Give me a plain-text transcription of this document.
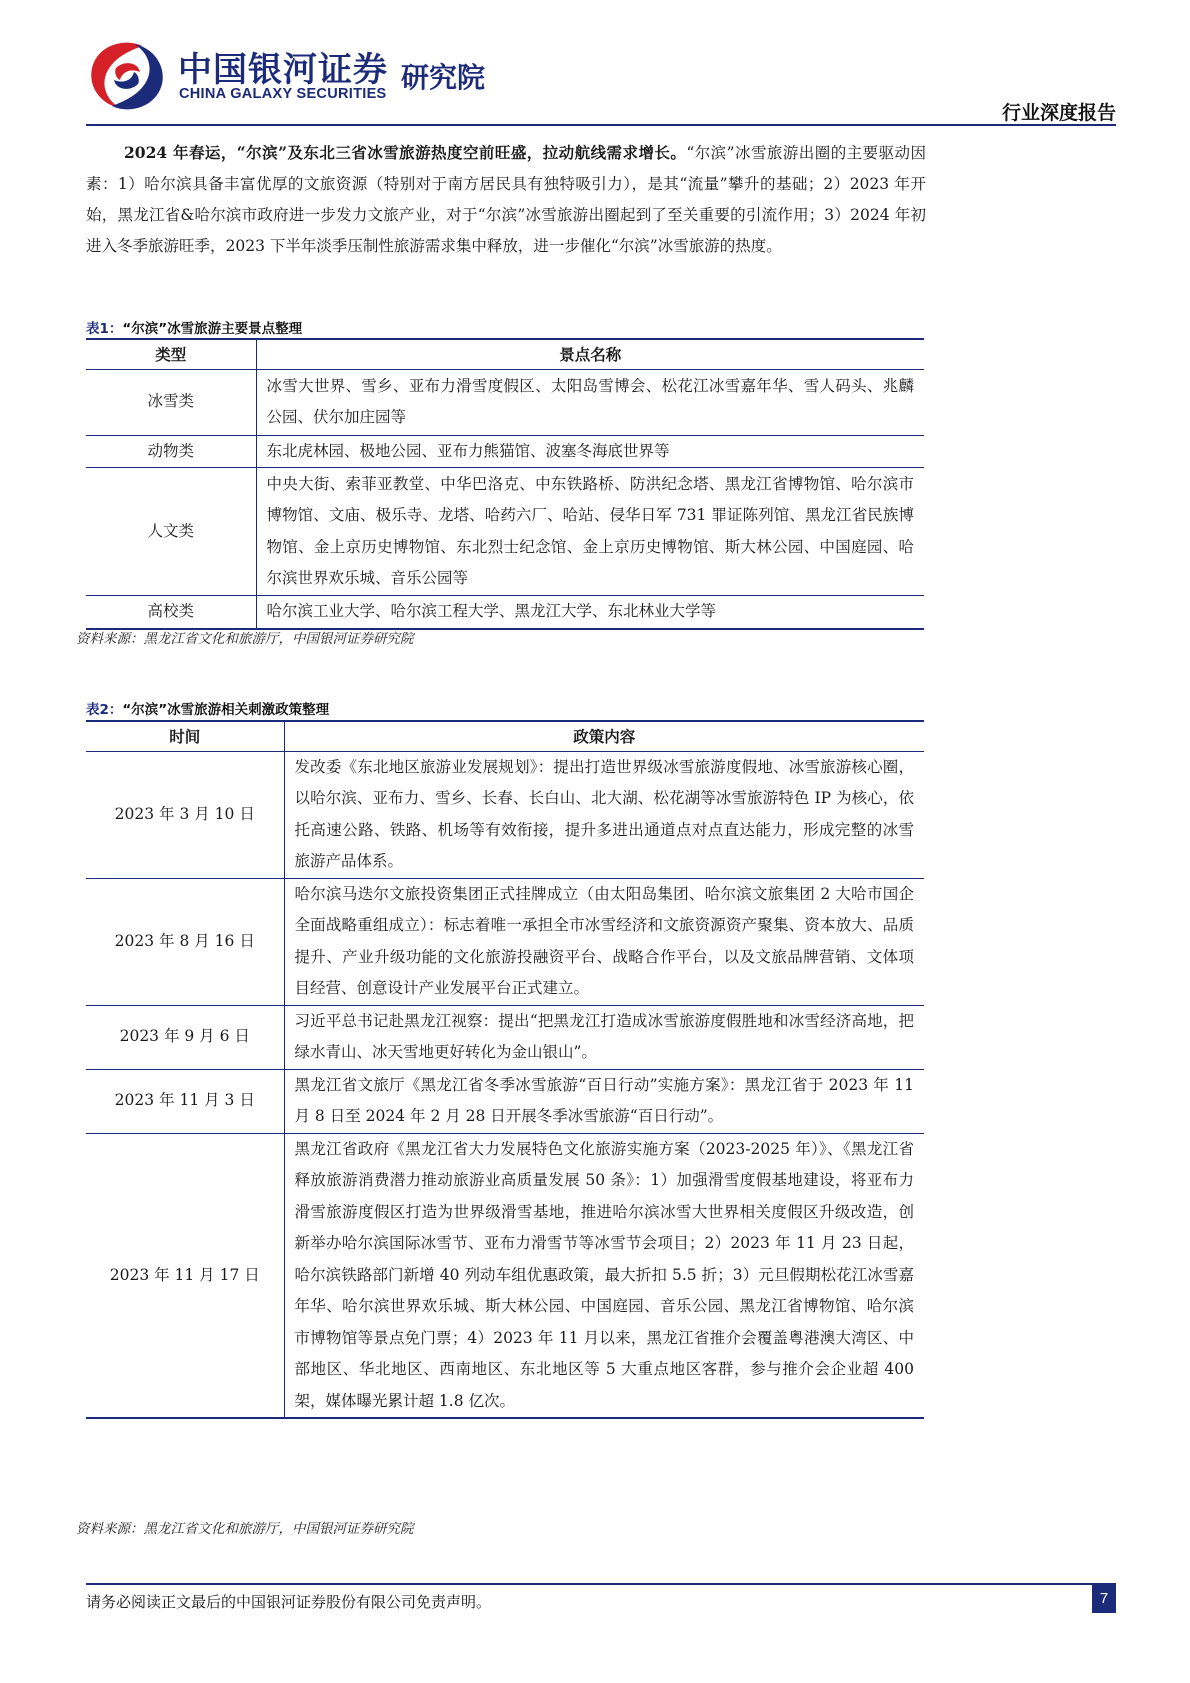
中国银河证券
CHINA GALAXY SECURITIES 研究院
行业深度报告
2024 年春运，“尔滨”及东北三省冰雪旅游热度空前旺盛，拉动航线需求增长。“尔滨”冰雪旅游出圈的主要驱动因素：1）哈尔滨具备丰富优厚的文旅资源（特别对于南方居民具有独特吸引力），是其“流量”攀升的基础；2）2023 年开始，黑龙江省&哈尔滨市政府进一步发力文旅产业，对于“尔滨”冰雪旅游出圈起到了至关重要的引流作用；3）2024 年初进入冬季旅游旺季，2023 下半年淡季压制性旅游需求集中释放，进一步催化“尔滨”冰雪旅游的热度。
表1：“尔滨”冰雪旅游主要景点整理
类型	景点名称
冰雪类	冰雪大世界、雪乡、亚布力滑雪度假区、太阳岛雪博会、松花江冰雪嘉年华、雪人码头、兆麟公园、伏尔加庄园等
动物类	东北虎林园、极地公园、亚布力熊猫馆、波塞冬海底世界等
人文类	中央大街、索菲亚教堂、中华巴洛克、中东铁路桥、防洪纪念塔、黑龙江省博物馆、哈尔滨市博物馆、文庙、极乐寺、龙塔、哈药六厂、哈站、侵华日军 731 罪证陈列馆、黑龙江省民族博物馆、金上京历史博物馆、东北烈士纪念馆、金上京历史博物馆、斯大林公园、中国庭园、哈尔滨世界欢乐城、音乐公园等
高校类	哈尔滨工业大学、哈尔滨工程大学、黑龙江大学、东北林业大学等
资料来源：黑龙江省文化和旅游厅，中国银河证券研究院
表2：“尔滨”冰雪旅游相关刺激政策整理
时间	政策内容
2023 年 3 月 10 日	发改委《东北地区旅游业发展规划》：提出打造世界级冰雪旅游度假地、冰雪旅游核心圈，以哈尔滨、亚布力、雪乡、长春、长白山、北大湖、松花湖等冰雪旅游特色 IP 为核心，依托高速公路、铁路、机场等有效衔接，提升多进出通道点对点直达能力，形成完整的冰雪旅游产品体系。
2023 年 8 月 16 日	哈尔滨马迭尔文旅投资集团正式挂牌成立（由太阳岛集团、哈尔滨文旅集团 2 大哈市国企全面战略重组成立）：标志着唯一承担全市冰雪经济和文旅资源资产聚集、资本放大、品质提升、产业升级功能的文化旅游投融资平台、战略合作平台，以及文旅品牌营销、文体项目经营、创意设计产业发展平台正式建立。
2023 年 9 月 6 日	习近平总书记赴黑龙江视察：提出“把黑龙江打造成冰雪旅游度假胜地和冰雪经济高地，把绿水青山、冰天雪地更好转化为金山银山”。
2023 年 11 月 3 日	黑龙江省文旅厅《黑龙江省冬季冰雪旅游“百日行动”实施方案》：黑龙江省于 2023 年 11 月 8 日至 2024 年 2 月 28 日开展冬季冰雪旅游“百日行动”。
2023 年 11 月 17 日	黑龙江省政府《黑龙江省大力发展特色文化旅游实施方案（2023-2025 年）》、《黑龙江省释放旅游消费潜力推动旅游业高质量发展 50 条》：1）加强滑雪度假基地建设，将亚布力滑雪旅游度假区打造为世界级滑雪基地，推进哈尔滨冰雪大世界相关度假区升级改造，创新举办哈尔滨国际冰雪节、亚布力滑雪节等冰雪节会项目；2）2023 年 11 月 23 日起，哈尔滨铁路部门新增 40 列动车组优惠政策，最大折扣 5.5 折；3）元旦假期松花江冰雪嘉年华、哈尔滨世界欢乐城、斯大林公园、中国庭园、音乐公园、黑龙江省博物馆、哈尔滨市博物馆等景点免门票；4）2023 年 11 月以来，黑龙江省推介会覆盖粤港澳大湾区、中部地区、华北地区、西南地区、东北地区等 5 大重点地区客群，参与推介会企业超 400 架，媒体曝光累计超 1.8 亿次。
资料来源：黑龙江省文化和旅游厅，中国银河证券研究院
请务必阅读正文最后的中国银河证券股份有限公司免责声明。	7
